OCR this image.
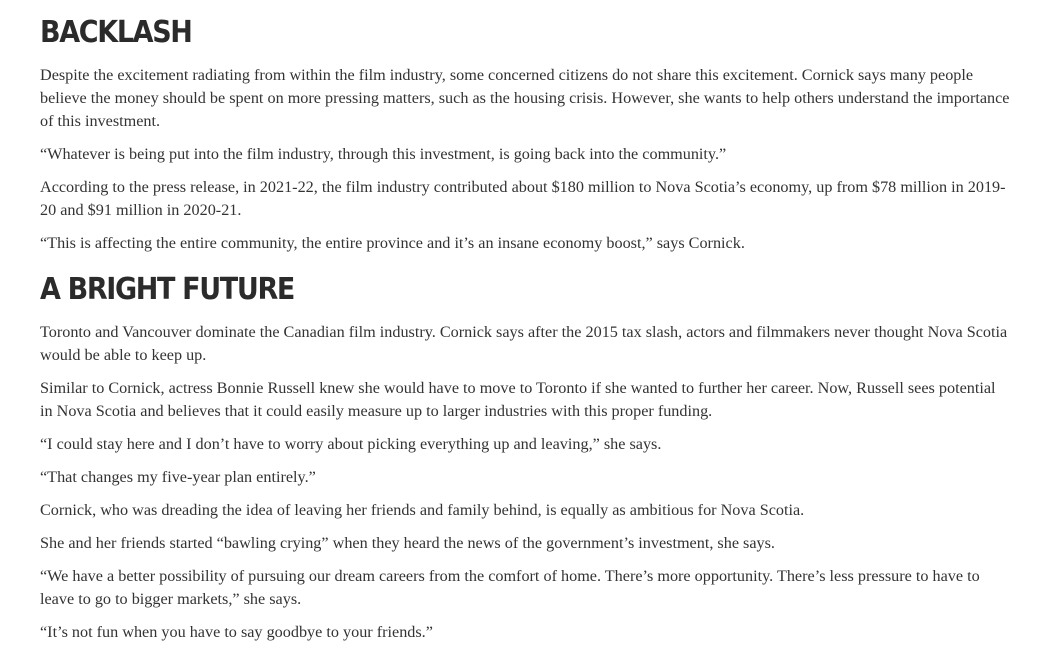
BACKLASH

Despite the excitement radiating from within the film industry, some concerned citizens do not share this excitement. Cornick says many people believe the money should be spent on more pressing matters, such as the housing crisis. However, she wants to help others understand the importance of this investment.

“Whatever is being put into the film industry, through this investment, is going back into the community.”

According to the press release, in 2021-22, the film industry contributed about $180 million to Nova Scotia’s economy, up from $78 million in 2019-20 and $91 million in 2020-21.

“This is affecting the entire community, the entire province and it’s an insane economy boost,” says Cornick.

A BRIGHT FUTURE

Toronto and Vancouver dominate the Canadian film industry. Cornick says after the 2015 tax slash, actors and filmmakers never thought Nova Scotia would be able to keep up.

Similar to Cornick, actress Bonnie Russell knew she would have to move to Toronto if she wanted to further her career. Now, Russell sees potential in Nova Scotia and believes that it could easily measure up to larger industries with this proper funding.

“I could stay here and I don’t have to worry about picking everything up and leaving,” she says.

“That changes my five-year plan entirely.”

Cornick, who was dreading the idea of leaving her friends and family behind, is equally as ambitious for Nova Scotia.

She and her friends started “bawling crying” when they heard the news of the government’s investment, she says.

“We have a better possibility of pursuing our dream careers from the comfort of home. There’s more opportunity. There’s less pressure to have to leave to go to bigger markets,” she says.

“It’s not fun when you have to say goodbye to your friends.”
